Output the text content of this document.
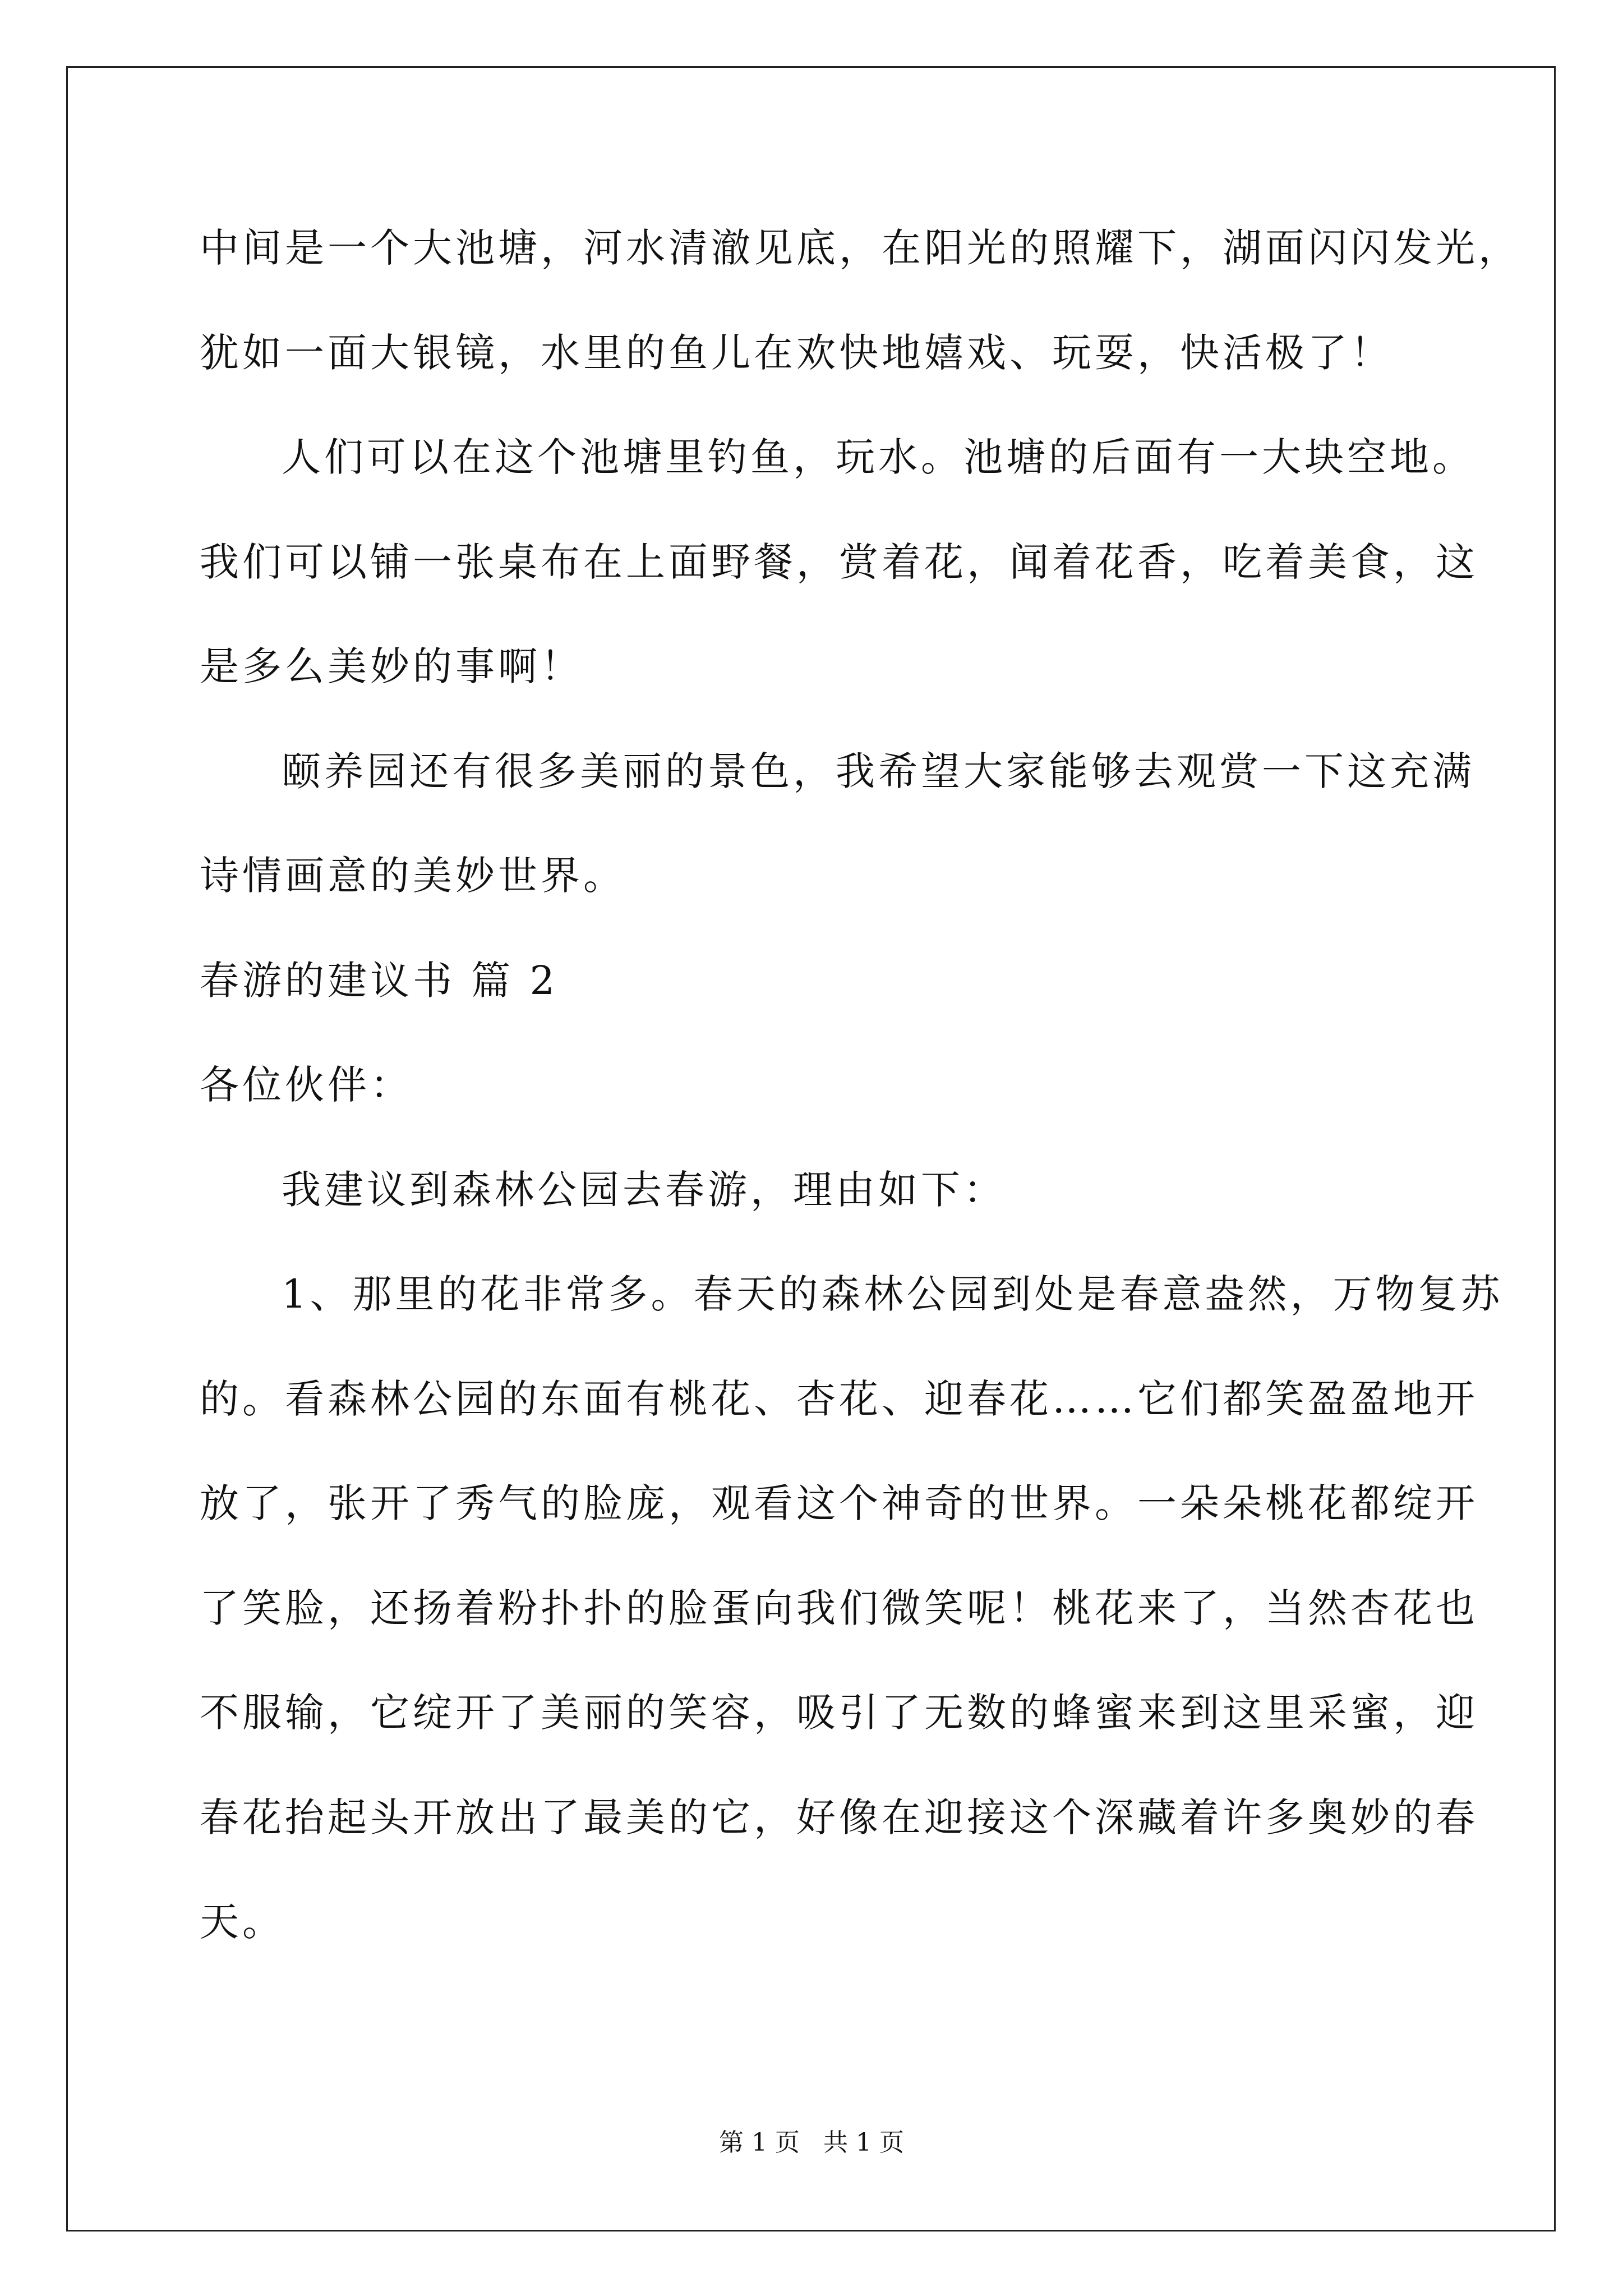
中间是一个大池塘，河水清澈见底，在阳光的照耀下，湖面闪闪发光，
犹如一面大银镜，水里的鱼儿在欢快地嬉戏、玩耍，快活极了！
人们可以在这个池塘里钓鱼，玩水。池塘的后面有一大块空地。
我们可以铺一张桌布在上面野餐，赏着花，闻着花香，吃着美食，这
是多么美妙的事啊！
颐养园还有很多美丽的景色，我希望大家能够去观赏一下这充满
诗情画意的美妙世界。
春游的建议书 篇 2
各位伙伴：
我建议到森林公园去春游，理由如下：
1、那里的花非常多。春天的森林公园到处是春意盎然，万物复苏
的。看森林公园的东面有桃花、杏花、迎春花……它们都笑盈盈地开
放了，张开了秀气的脸庞，观看这个神奇的世界。一朵朵桃花都绽开
了笑脸，还扬着粉扑扑的脸蛋向我们微笑呢！桃花来了，当然杏花也
不服输，它绽开了美丽的笑容，吸引了无数的蜂蜜来到这里采蜜，迎
春花抬起头开放出了最美的它，好像在迎接这个深藏着许多奥妙的春
天。
第 1 页   共 1 页
